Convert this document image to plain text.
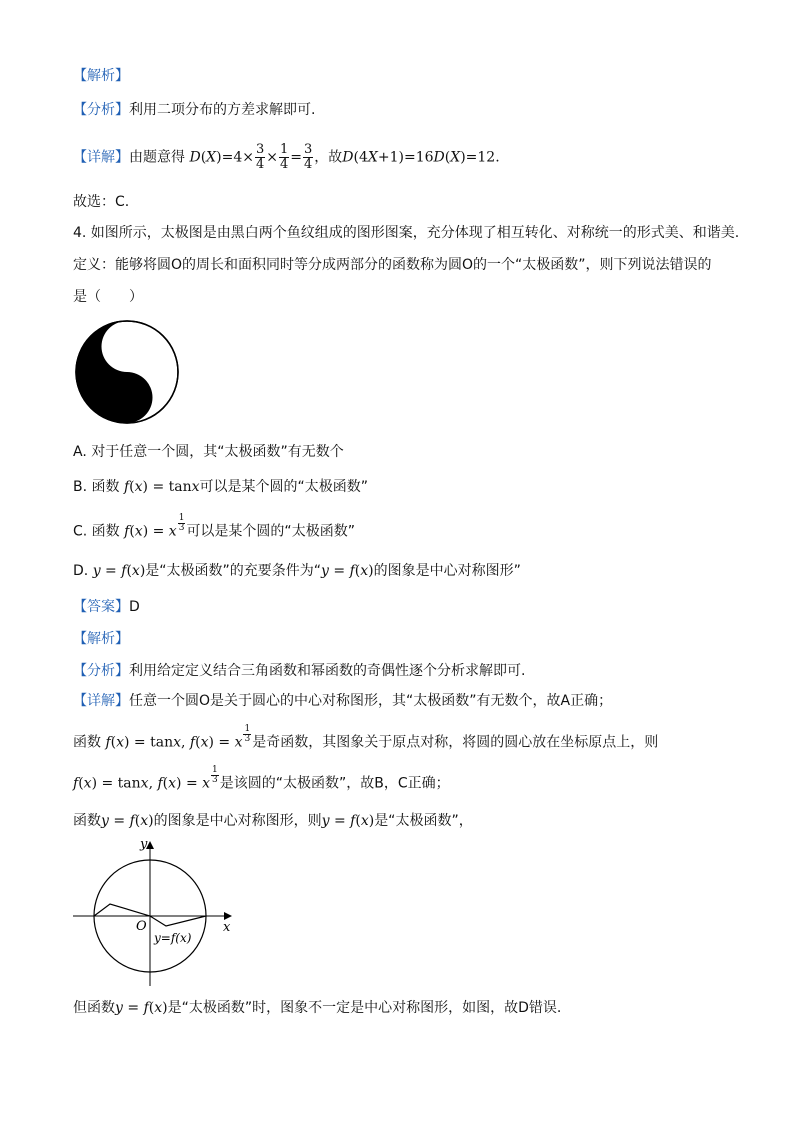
【解析】
【分析】利用二项分布的方差求解即可.
【详解】由题意得 $D(X)=4\times \frac{3}{4} \times \frac{1}{4} = \frac{3}{4}$ ，故D(4X+1)=16D(X)=12.
故选：C.
4. 如图所示，太极图是由黑白两个鱼纹组成的图形图案，充分体现了相互转化、对称统一的形式美、和谐美.
定义：能够将圆O的周长和面积同时等分成两部分的函数称为圆O的一个“太极函数”，则下列说法错误的
是（　　）
A. 对于任意一个圆，其“太极函数”有无数个
B. 函数 f(x) = tanx可以是某个圆的“太极函数”
C. 函数 f(x) = x $^{\frac{1}{3}}$ 可以是某个圆的“太极函数”
D. y = f(x)是“太极函数”的充要条件为“y = f(x)的图象是中心对称图形”
【答案】D
【解析】
【分析】利用给定定义结合三角函数和幂函数的奇偶性逐个分析求解即可.
【详解】任意一个圆O是关于圆心的中心对称图形，其“太极函数”有无数个，故A正确；
函数 f(x) = tanx, f(x) = x $^{\frac{1}{3}}$ 是奇函数，其图象关于原点对称，将圆的圆心放在坐标原点上，则
f(x) = tanx, f(x) = x $^{\frac{1}{3}}$ 是该圆的“太极函数”，故B，C正确；
函数y = f(x)的图象是中心对称图形，则y = f(x)是“太极函数”，
y
x
O
y=f(x)
但函数y = f(x)是“太极函数”时，图象不一定是中心对称图形，如图，故D错误.
